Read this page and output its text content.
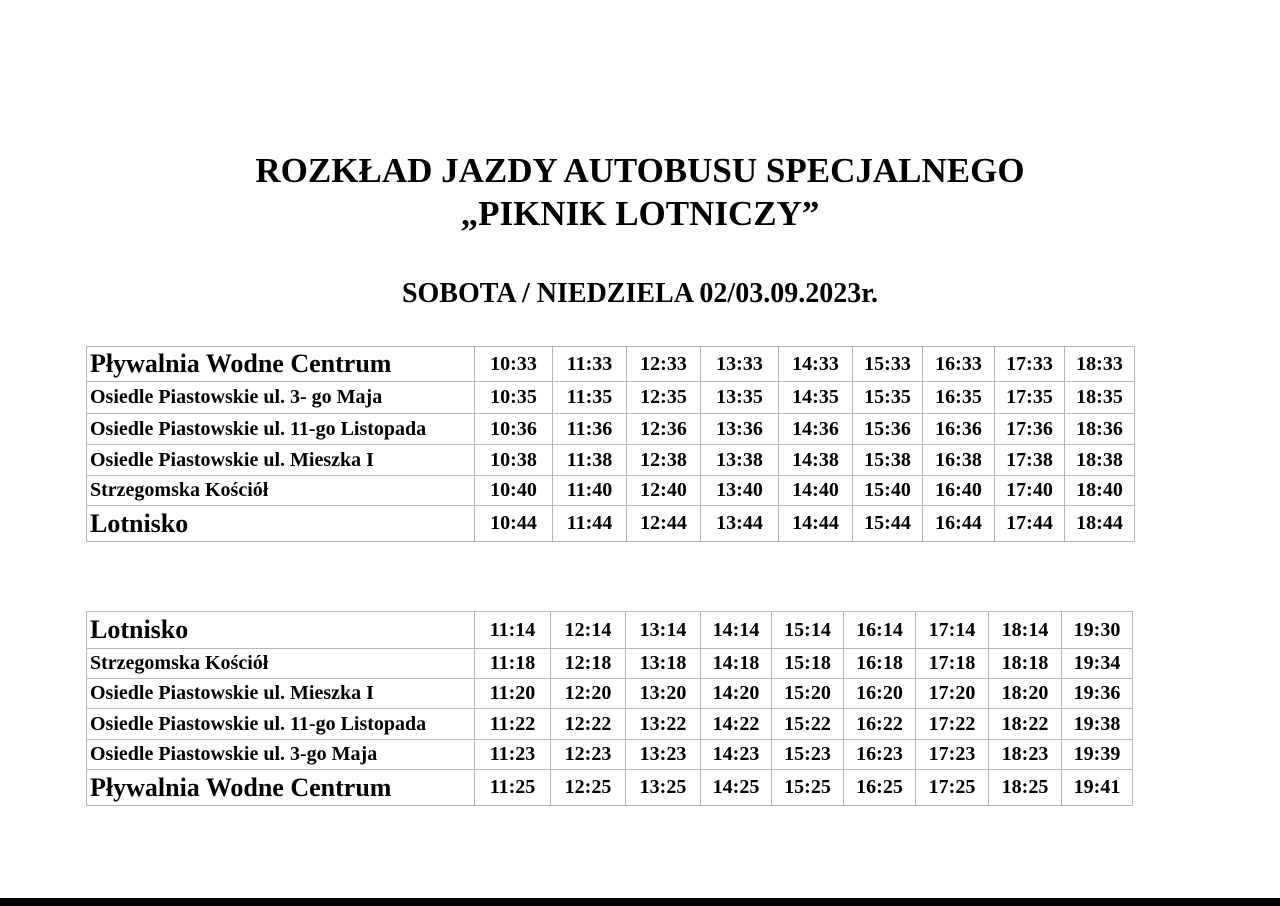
ROZKŁAD JAZDY AUTOBUSU SPECJALNEGO
„PIKNIK LOTNICZY”
SOBOTA / NIEDZIELA 02/03.09.2023r.
Pływalnia Wodne Centrum	10:33	11:33	12:33	13:33	14:33	15:33	16:33	17:33	18:33
Osiedle Piastowskie ul. 3- go Maja	10:35	11:35	12:35	13:35	14:35	15:35	16:35	17:35	18:35
Osiedle Piastowskie ul. 11-go Listopada	10:36	11:36	12:36	13:36	14:36	15:36	16:36	17:36	18:36
Osiedle Piastowskie ul. Mieszka I	10:38	11:38	12:38	13:38	14:38	15:38	16:38	17:38	18:38
Strzegomska Kościół	10:40	11:40	12:40	13:40	14:40	15:40	16:40	17:40	18:40
Lotnisko	10:44	11:44	12:44	13:44	14:44	15:44	16:44	17:44	18:44
Lotnisko	11:14	12:14	13:14	14:14	15:14	16:14	17:14	18:14	19:30
Strzegomska Kościół	11:18	12:18	13:18	14:18	15:18	16:18	17:18	18:18	19:34
Osiedle Piastowskie ul. Mieszka I	11:20	12:20	13:20	14:20	15:20	16:20	17:20	18:20	19:36
Osiedle Piastowskie ul. 11-go Listopada	11:22	12:22	13:22	14:22	15:22	16:22	17:22	18:22	19:38
Osiedle Piastowskie ul. 3-go Maja	11:23	12:23	13:23	14:23	15:23	16:23	17:23	18:23	19:39
Pływalnia Wodne Centrum	11:25	12:25	13:25	14:25	15:25	16:25	17:25	18:25	19:41
